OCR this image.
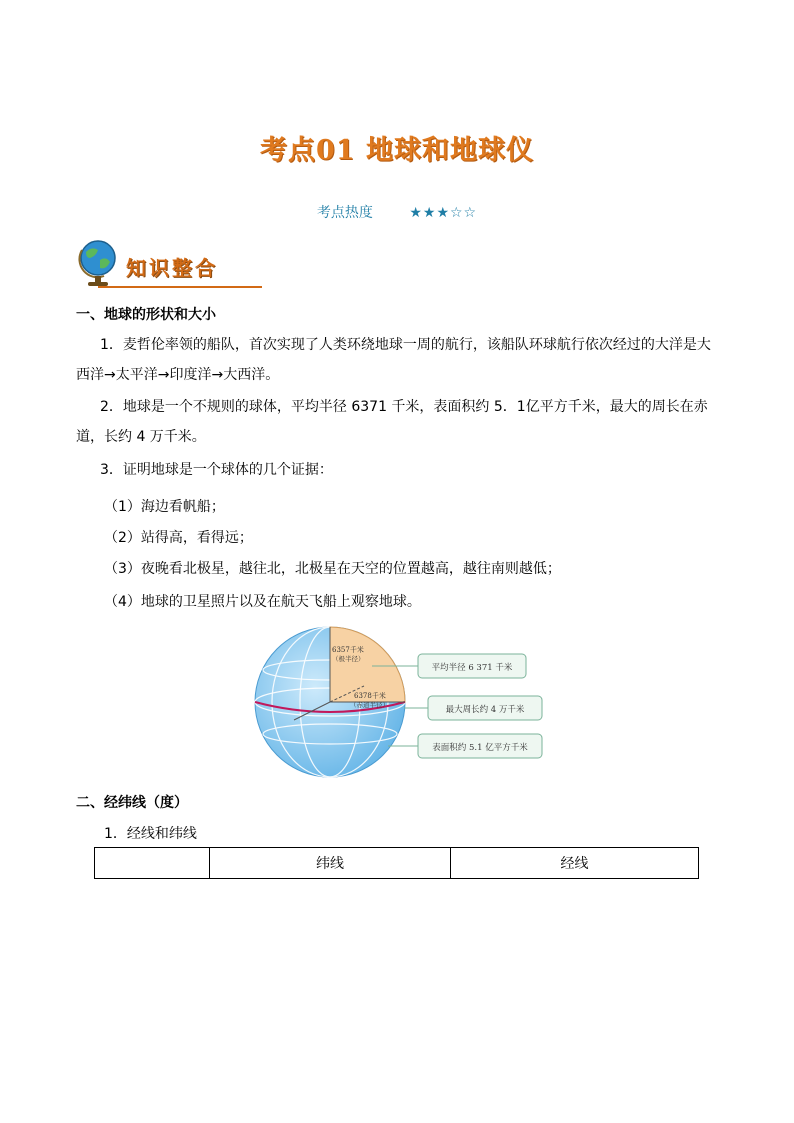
考点01 地球和地球仪
考点热度	★★★☆☆
知识整合
一、地球的形状和大小
1．麦哲伦率领的船队，首次实现了人类环绕地球一周的航行，该船队环球航行依次经过的大洋是大西洋→太平洋→印度洋→大西洋。
2．地球是一个不规则的球体，平均半径 6371 千米，表面积约 5．1亿平方千米，最大的周长在赤道，长约 4 万千米。
3．证明地球是一个球体的几个证据：
（1）海边看帆船；
（2）站得高，看得远；
（3）夜晚看北极星，越往北，北极星在天空的位置越高，越往南则越低；
（4）地球的卫星照片以及在航天飞船上观察地球。
6357千米
（极半径）
6378千米
（赤道半径）
平均半径 6 371 千米
最大周长约 4 万千米
表面积约 5.1 亿平方千米
二、经纬线（度）
1．经线和纬线
	纬线	经线
